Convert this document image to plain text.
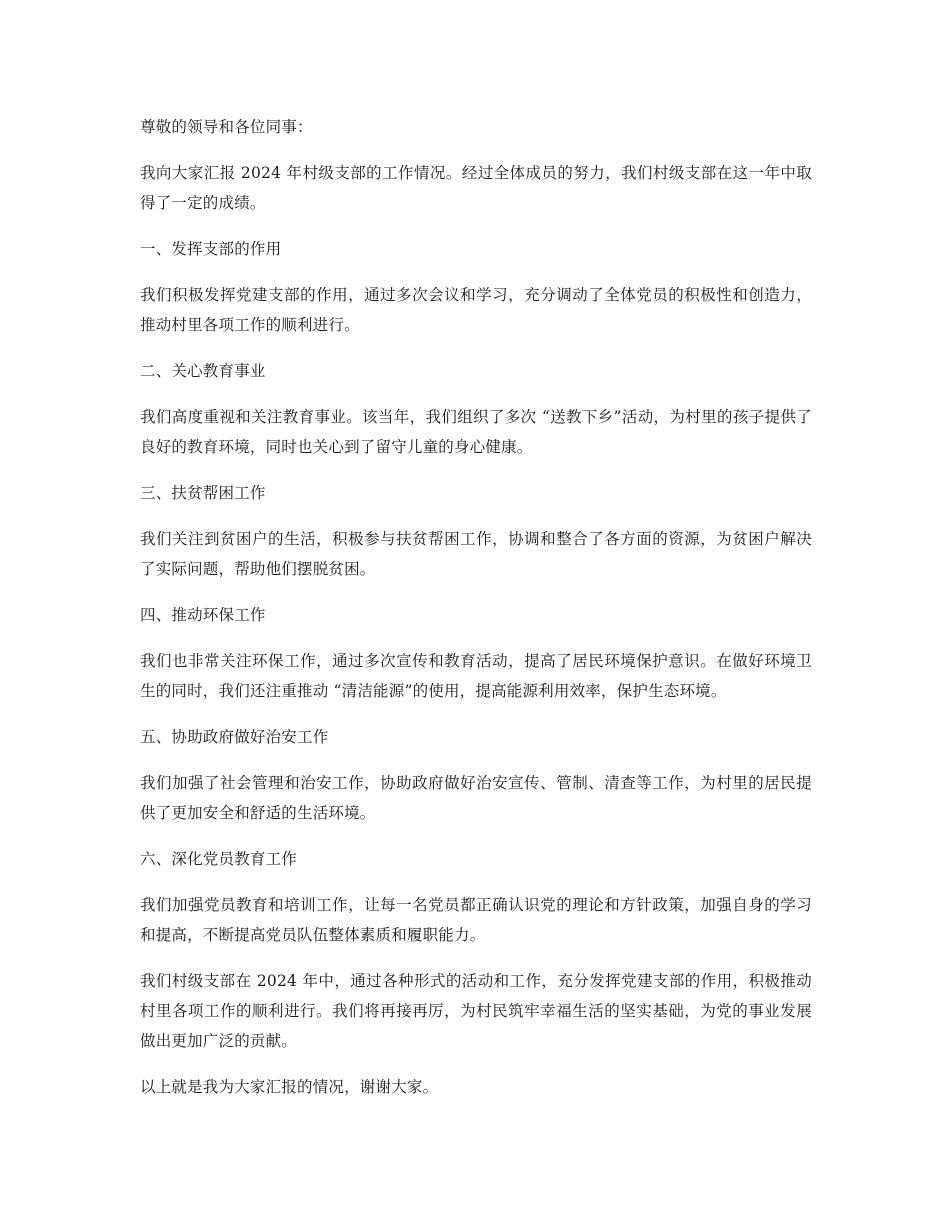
尊敬的领导和各位同事：

我向大家汇报 2024 年村级支部的工作情况。经过全体成员的努力，我们村级支部在这一年中取得了一定的成绩。

一、发挥支部的作用

我们积极发挥党建支部的作用，通过多次会议和学习，充分调动了全体党员的积极性和创造力，推动村里各项工作的顺利进行。

二、关心教育事业

我们高度重视和关注教育事业。该当年，我们组织了多次 “送教下乡”活动，为村里的孩子提供了良好的教育环境，同时也关心到了留守儿童的身心健康。

三、扶贫帮困工作

我们关注到贫困户的生活，积极参与扶贫帮困工作，协调和整合了各方面的资源，为贫困户解决了实际问题，帮助他们摆脱贫困。

四、推动环保工作

我们也非常关注环保工作，通过多次宣传和教育活动，提高了居民环境保护意识。在做好环境卫生的同时，我们还注重推动 “清洁能源”的使用，提高能源利用效率，保护生态环境。

五、协助政府做好治安工作

我们加强了社会管理和治安工作，协助政府做好治安宣传、管制、清查等工作，为村里的居民提供了更加安全和舒适的生活环境。

六、深化党员教育工作

我们加强党员教育和培训工作，让每一名党员都正确认识党的理论和方针政策，加强自身的学习和提高，不断提高党员队伍整体素质和履职能力。

我们村级支部在 2024 年中，通过各种形式的活动和工作，充分发挥党建支部的作用，积极推动村里各项工作的顺利进行。我们将再接再厉，为村民筑牢幸福生活的坚实基础，为党的事业发展做出更加广泛的贡献。

以上就是我为大家汇报的情况，谢谢大家。
